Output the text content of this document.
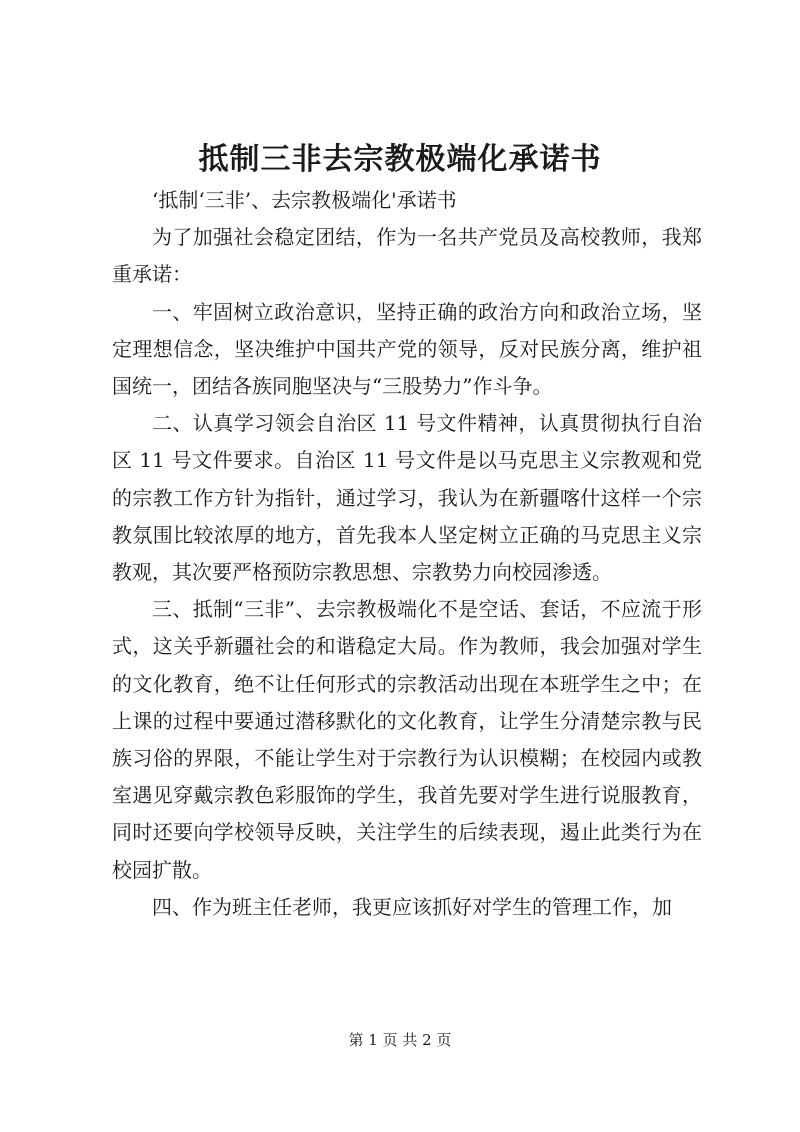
抵制三非去宗教极端化承诺书

‘抵制‘三非’、去宗教极端化'承诺书

为了加强社会稳定团结，作为一名共产党员及高校教师，我郑重承诺：

一、牢固树立政治意识，坚持正确的政治方向和政治立场，坚定理想信念，坚决维护中国共产党的领导，反对民族分离，维护祖国统一，团结各族同胞坚决与“三股势力”作斗争。

二、认真学习领会自治区 11 号文件精神，认真贯彻执行自治区 11 号文件要求。自治区 11 号文件是以马克思主义宗教观和党的宗教工作方针为指针，通过学习，我认为在新疆喀什这样一个宗教氛围比较浓厚的地方，首先我本人坚定树立正确的马克思主义宗教观，其次要严格预防宗教思想、宗教势力向校园渗透。

三、抵制“三非”、去宗教极端化不是空话、套话，不应流于形式，这关乎新疆社会的和谐稳定大局。作为教师，我会加强对学生的文化教育，绝不让任何形式的宗教活动出现在本班学生之中；在上课的过程中要通过潜移默化的文化教育，让学生分清楚宗教与民族习俗的界限，不能让学生对于宗教行为认识模糊；在校园内或教室遇见穿戴宗教色彩服饰的学生，我首先要对学生进行说服教育，同时还要向学校领导反映，关注学生的后续表现，遏止此类行为在校园扩散。

四、作为班主任老师，我更应该抓好对学生的管理工作，加

第 1 页 共 2 页
